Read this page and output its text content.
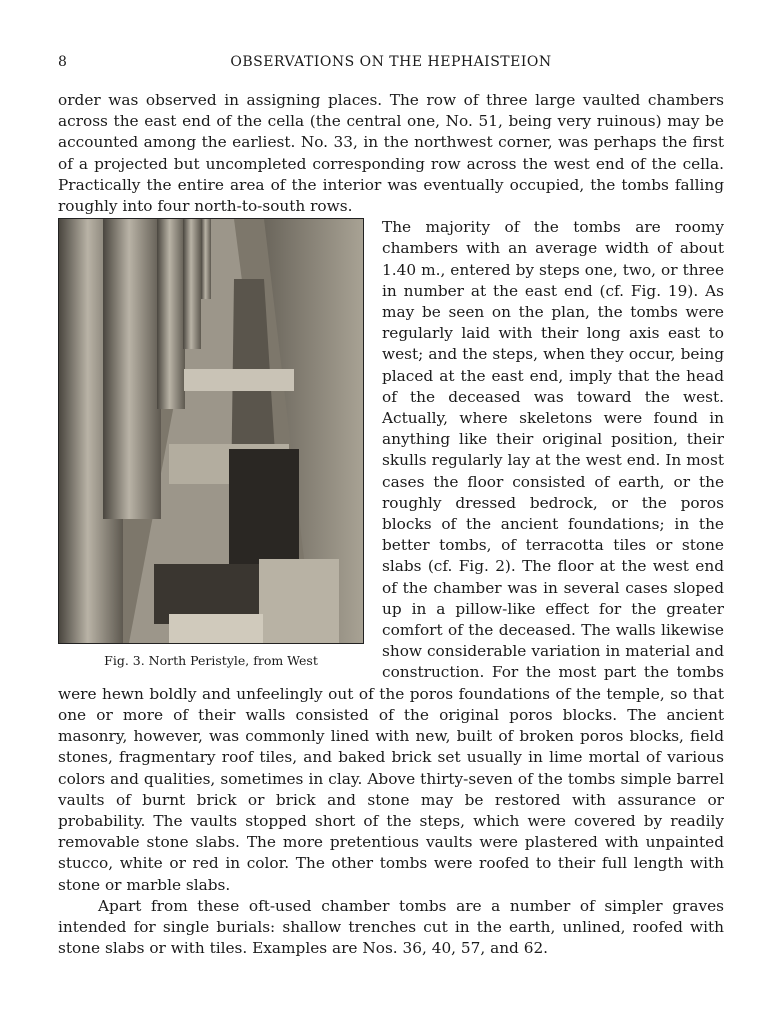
8	OBSERVATIONS ON THE HEPHAISTEION

order was observed in assigning places. The row of three large vaulted chambers across the east end of the cella (the central one, No. 51, being very ruinous) may be accounted among the earliest. No. 33, in the northwest corner, was perhaps the first of a projected but uncompleted corresponding row across the west end of the cella. Practically the entire area of the interior was eventually occupied, the tombs falling roughly into four north-to-south rows.

Fig. 3. North Peristyle, from West
The majority of the tombs are roomy chambers with an average width of about 1.40 m., entered by steps one, two, or three in number at the east end (cf. Fig. 19). As may be seen on the plan, the tombs were regularly laid with their long axis east to west; and the steps, when they occur, being placed at the east end, imply that the head of the deceased was toward the west. Actually, where skeletons were found in anything like their original position, their skulls regularly lay at the west end. In most cases the floor consisted of earth, or the roughly dressed bedrock, or the poros blocks of the ancient foundations; in the better tombs, of terracotta tiles or stone slabs (cf. Fig. 2). The floor at the west end of the chamber was in several cases sloped up in a pillow-like effect for the greater comfort of the deceased. The walls likewise show considerable variation in material and construction. For the most part the tombs were hewn boldly and unfeelingly out of the poros foundations of the temple, so that one or more of their walls consisted of the original poros blocks. The ancient masonry, however, was commonly lined with new, built of broken poros blocks, field stones, fragmentary roof tiles, and baked brick set usually in lime mortal of various colors and qualities, sometimes in clay. Above thirty-seven of the tombs simple barrel vaults of burnt brick or brick and stone may be restored with assurance or probability. The vaults stopped short of the steps, which were covered by readily removable stone slabs. The more pretentious vaults were plastered with unpainted stucco, white or red in color. The other tombs were roofed to their full length with stone or marble slabs.

Apart from these oft-used chamber tombs are a number of simpler graves intended for single burials: shallow trenches cut in the earth, unlined, roofed with stone slabs or with tiles. Examples are Nos. 36, 40, 57, and 62.
